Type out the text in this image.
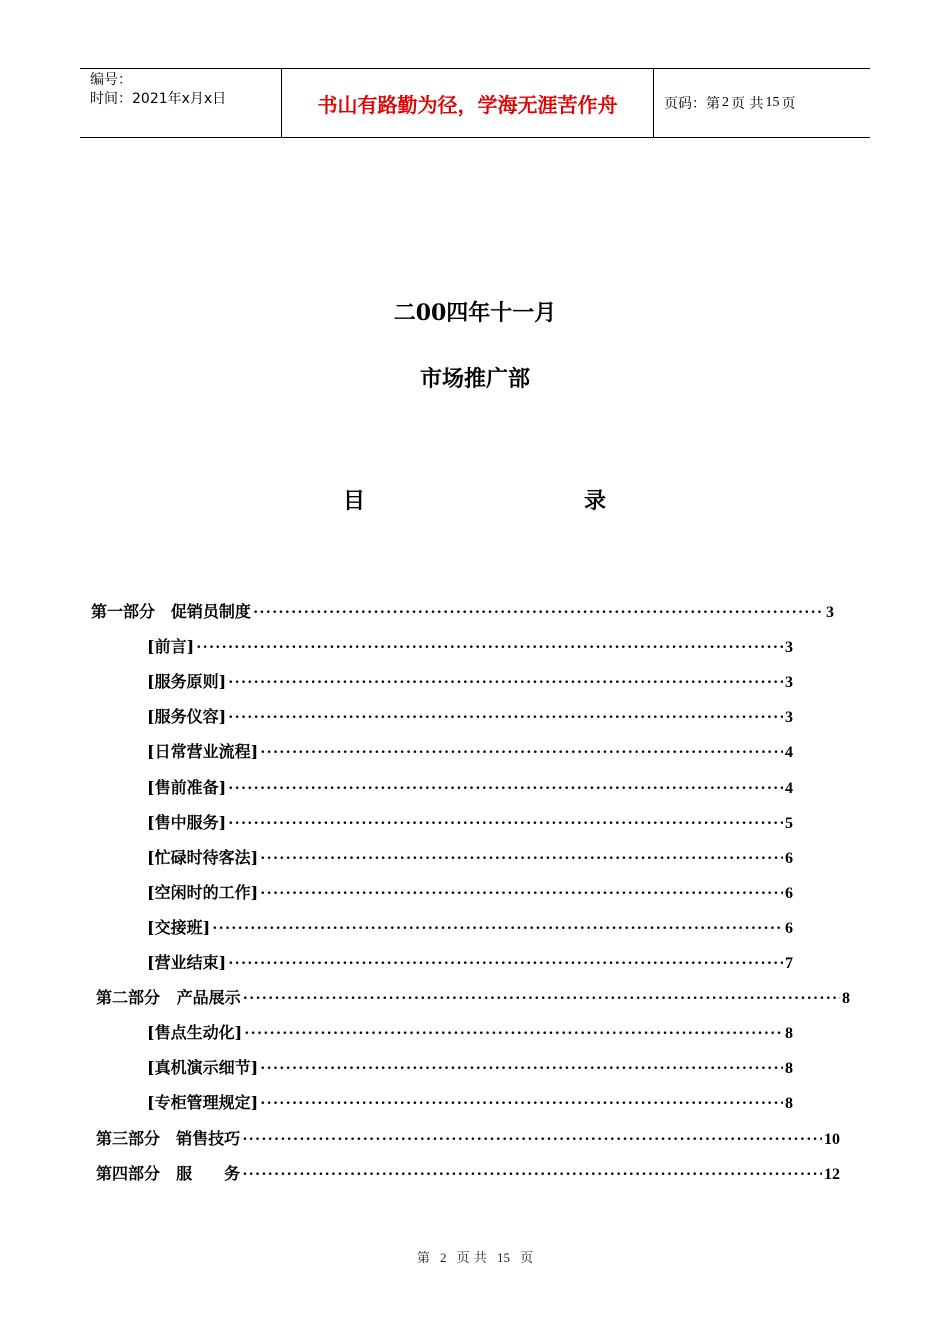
编号：
时间：2021年x月x日	书山有路勤为径，学海无涯苦作舟	页码：第 2 页 共 15 页
二00四年十一月
市场推广部
目	录
第一部分 促销员制度 ·····	3
[前言] ·····	3
[服务原则] ·····	3
[服务仪容] ·····	3
[日常营业流程] ·····	4
[售前准备] ·····	4
[售中服务] ·····	5
[忙碌时待客法] ·····	6
[空闲时的工作] ·····	6
[交接班] ·····	6
[营业结束] ·····	7
第二部分 产品展示 ·····	8
[售点生动化] ·····	8
[真机演示细节] ·····	8
[专柜管理规定] ·····	8
第三部分 销售技巧 ·····	10
第四部分 服　　务 ·····	12
第 2 页 共 15 页
